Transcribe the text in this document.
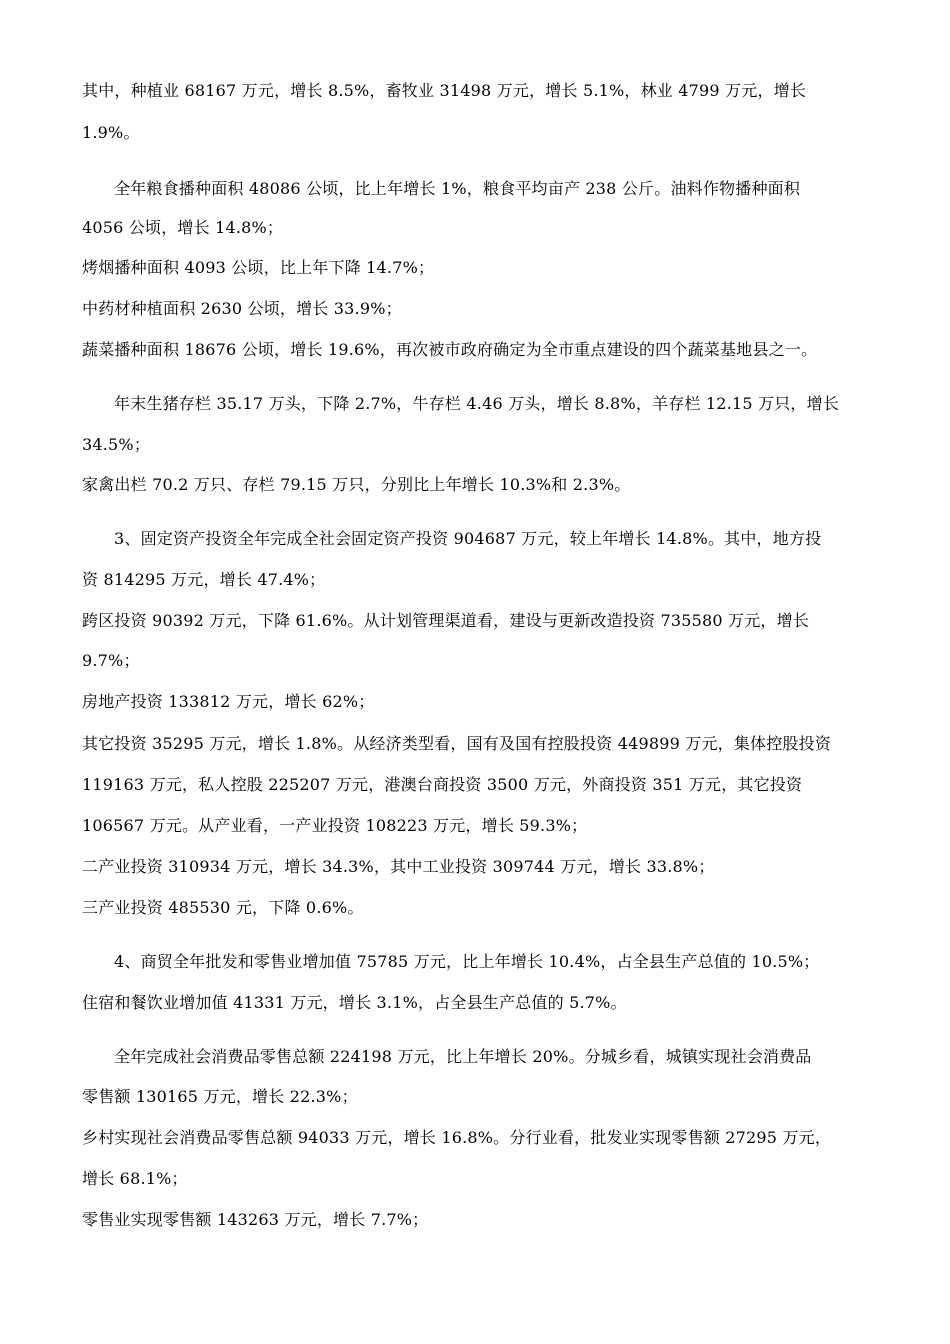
其中，种植业 68167 万元，增长 8.5%，畜牧业 31498 万元，增长 5.1%，林业 4799 万元，增长
1.9%。
全年粮食播种面积 48086 公顷，比上年增长 1%，粮食平均亩产 238 公斤。油料作物播种面积
4056 公顷，增长 14.8%；
烤烟播种面积 4093 公顷，比上年下降 14.7%；
中药材种植面积 2630 公顷，增长 33.9%；
蔬菜播种面积 18676 公顷，增长 19.6%，再次被市政府确定为全市重点建设的四个蔬菜基地县之一。
年末生猪存栏 35.17 万头，下降 2.7%，牛存栏 4.46 万头，增长 8.8%，羊存栏 12.15 万只，增长
34.5%；
家禽出栏 70.2 万只、存栏 79.15 万只，分别比上年增长 10.3%和 2.3%。
3、固定资产投资全年完成全社会固定资产投资 904687 万元，较上年增长 14.8%。其中，地方投
资 814295 万元，增长 47.4%；
跨区投资 90392 万元，下降 61.6%。从计划管理渠道看，建设与更新改造投资 735580 万元，增长
9.7%；
房地产投资 133812 万元，增长 62%；
其它投资 35295 万元，增长 1.8%。从经济类型看，国有及国有控股投资 449899 万元，集体控股投资
119163 万元，私人控股 225207 万元，港澳台商投资 3500 万元，外商投资 351 万元，其它投资
106567 万元。从产业看，一产业投资 108223 万元，增长 59.3%；
二产业投资 310934 万元，增长 34.3%，其中工业投资 309744 万元，增长 33.8%；
三产业投资 485530 元，下降 0.6%。
4、商贸全年批发和零售业增加值 75785 万元，比上年增长 10.4%，占全县生产总值的 10.5%；
住宿和餐饮业增加值 41331 万元，增长 3.1%，占全县生产总值的 5.7%。
全年完成社会消费品零售总额 224198 万元，比上年增长 20%。分城乡看，城镇实现社会消费品
零售额 130165 万元，增长 22.3%；
乡村实现社会消费品零售总额 94033 万元，增长 16.8%。分行业看，批发业实现零售额 27295 万元，
增长 68.1%；
零售业实现零售额 143263 万元，增长 7.7%；
